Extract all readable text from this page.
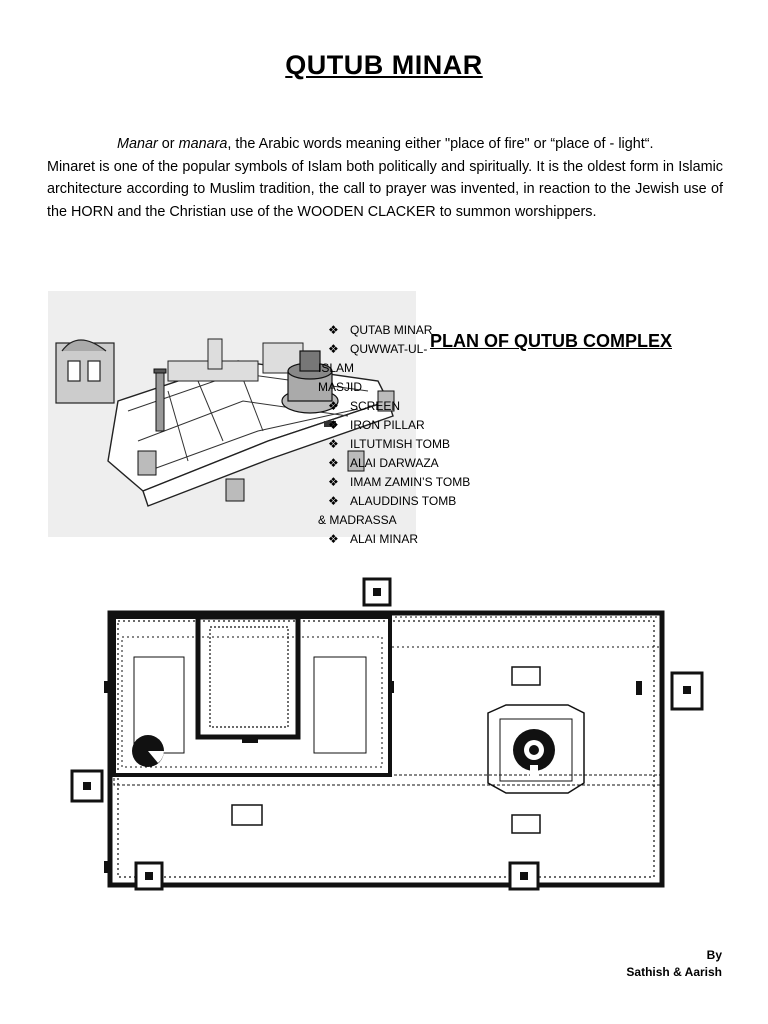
QUTUB MINAR

Manar or manara, the Arabic words meaning either "place of fire" or “place of - light“.

Minaret is one of the popular symbols of Islam both politically and spiritually. It is the oldest form in Islamic architecture according to Muslim tradition, the call to prayer was invented, in reaction to the Jewish use of the HORN and the Christian use of the WOODEN CLACKER to summon worshippers.

PLAN OF QUTUB COMPLEX
❖ QUTAB MINAR
❖ QUWWAT-UL-
ISLAM
MASJID
❖ SCREEN
❖ IRON PILLAR
❖ ILTUTMISH TOMB
❖ ALAI DARWAZA
❖ IMAM ZAMIN’S TOMB
❖ ALAUDDINS TOMB
& MADRASSA
❖ ALAI MINAR
By
Sathish & Aarish
